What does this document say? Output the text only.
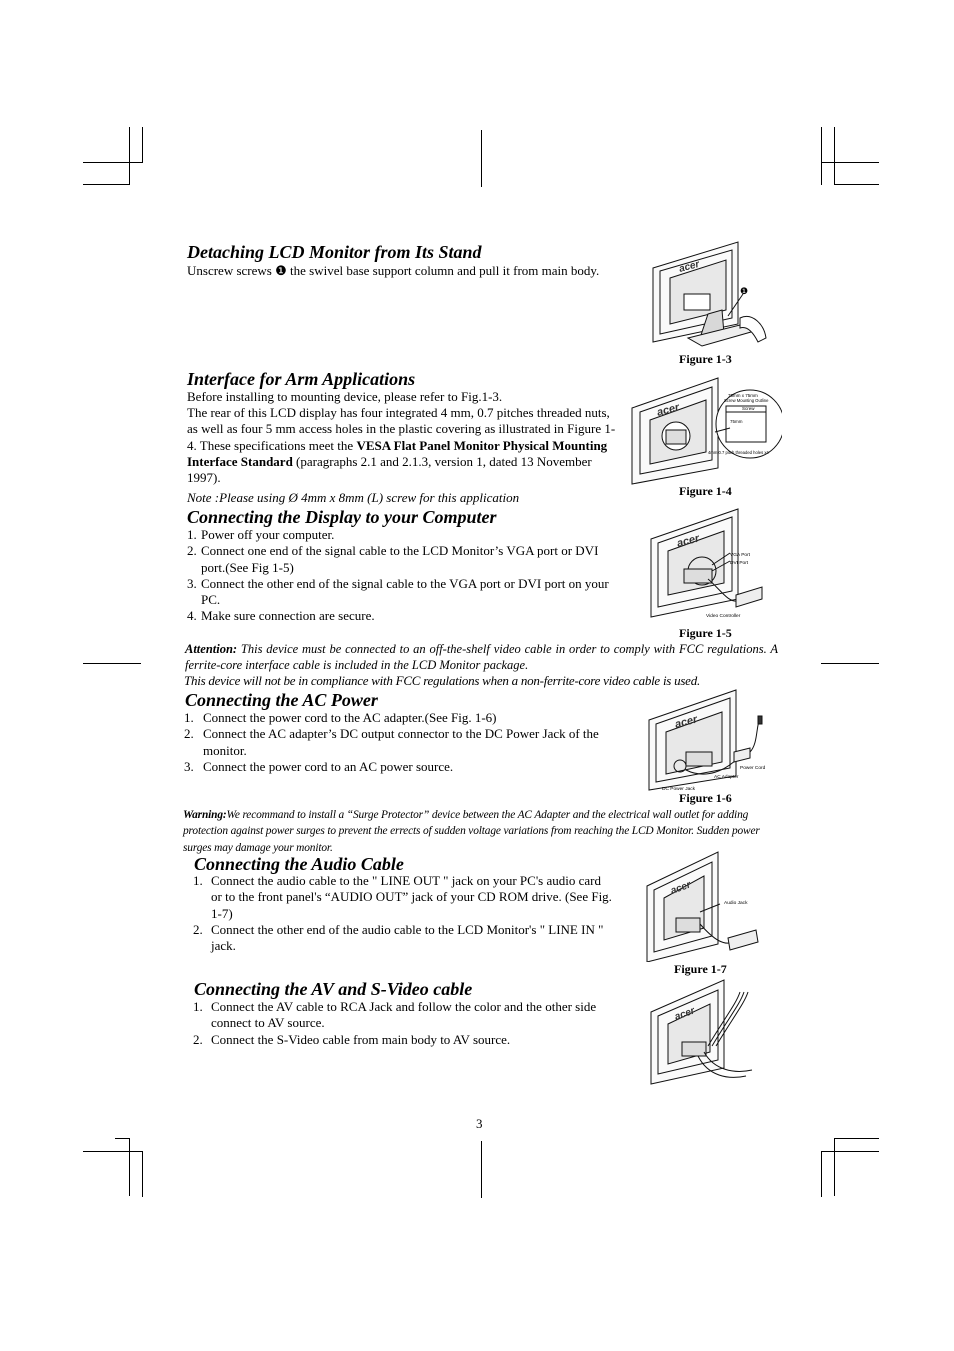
Detaching LCD Monitor from Its Stand

Unscrew screws ❶ the swivel base support column and pull it from main body.	acer
❶
Figure 1-3
Interface for Arm Applications

Before installing to mounting device, please refer to Fig.1-3.

The rear of this LCD display has four integrated 4 mm, 0.7 pitches threaded nuts, as well as four 5 mm access holes in the plastic covering as illustrated in Figure 1-4. These specifications meet the VESA Flat Panel Monitor Physical Mounting Interface Standard (paragraphs 2.1 and 2.1.3, version 1, dated 13 November 1997).

Note :Please using Ø 4mm x 8mm (L) screw for this application

acer
75mm x 75mm
Screw Mounting Outline
Screw
75mm
4mm,0.7 pitch threaded holes x4
Figure 1-4
Connecting the Display to your Computer
1. Power off your computer.
2. Connect one end of the signal cable to the LCD Monitor’s VGA port or DVI port.(See Fig 1-5)
3. Connect the other end of the signal cable to the VGA port or DVI port on your PC.
4. Make sure connection are secure.
acer
VGA Port
DVI Port
Video Controller
Figure 1-5

Attention: This device must be connected to an off-the-shelf video cable in order to comply with FCC regulations. A ferrite-core interface cable is included in the LCD Monitor package.

This device will not be in compliance with FCC regulations when a non-ferrite-core video cable is used.

Connecting the AC Power
1. Connect the power cord to the AC adapter.(See Fig. 1-6)
2. Connect the AC adapter’s DC output connector to the DC Power Jack of the monitor.
3. Connect the power cord to an AC power source.
acer
Power Cord
AC Adapter
DC Power Jack
Figure 1-6

Warning:We recommand to install a “Surge Protector” device between the AC Adapter and the electrical wall outlet for adding protection against power surges to prevent the errects of sudden voltage variations from reaching the LCD Monitor. Sudden power surges may damage your monitor.

Connecting the Audio Cable
1. Connect the audio cable to the " LINE OUT " jack on your PC's audio card or to the front panel's “AUDIO OUT” jack of your CD ROM drive. (See Fig. 1-7)
2. Connect the other end of the audio cable to the LCD Monitor's " LINE IN " jack.
acer
Audio Jack
Figure 1-7
Connecting the AV and S-Video cable
1. Connect the AV cable to RCA Jack and follow the color and the other side connect to AV source.
2. Connect the S-Video cable from main body to AV source.
acer
3
